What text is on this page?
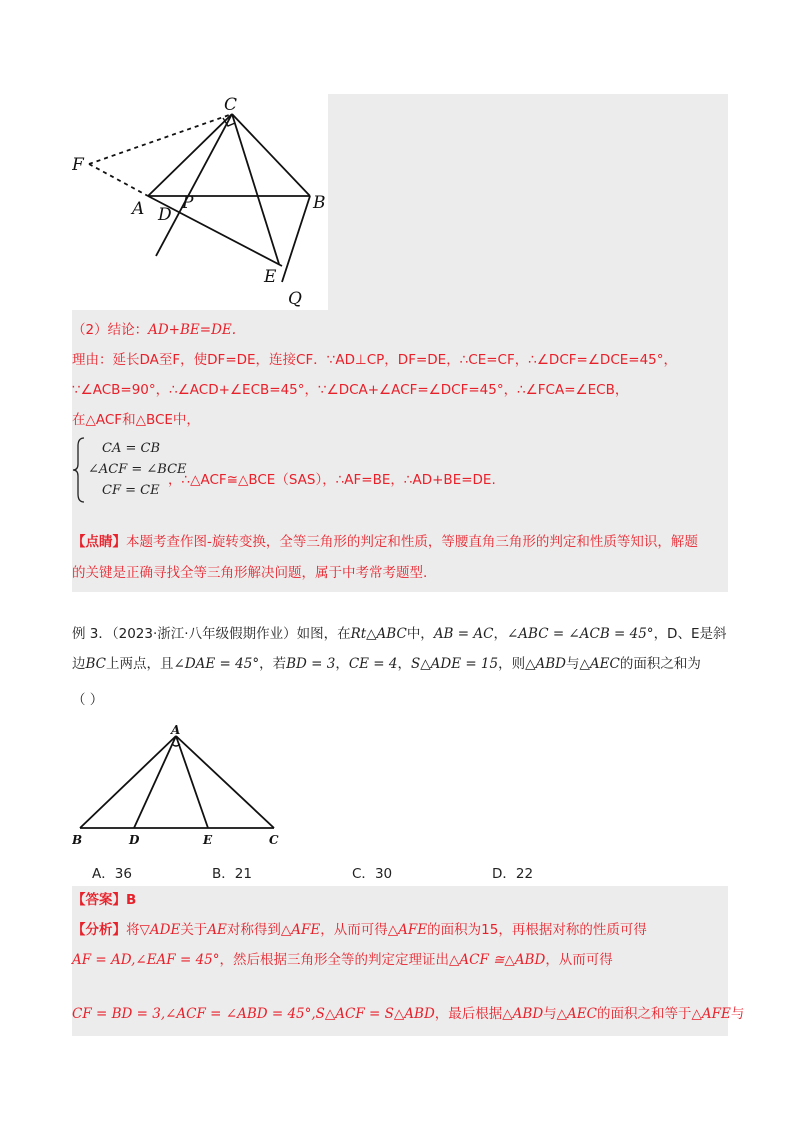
C
F
A D
P	B
E
Q
（2）结论：AD+BE=DE.
理由：延长DA至F，使DF=DE，连接CF．∵AD⊥CP，DF=DE，∴CE=CF，∴∠DCF=∠DCE=45°，
∵∠ACB=90°，∴∠ACD+∠ECB=45°，∵∠DCA+∠ACF=∠DCF=45°，∴∠FCA=∠ECB，
在△ACF和△BCE中，
CA = CB
∠ACF = ∠BCE
CF = CE
，∴△ACF≅△BCE（SAS），∴AF=BE，∴AD+BE=DE.
【点睛】本题考查作图-旋转变换，全等三角形的判定和性质，等腰直角三角形的判定和性质等知识，解题
的关键是正确寻找全等三角形解决问题，属于中考常考题型.
例 3．（2023·浙江·八年级假期作业）如图，在Rt△ABC中，AB = AC，∠ABC = ∠ACB = 45°，D、E是斜
边BC上两点，且∠DAE = 45°，若BD = 3，CE = 4，S△ADE = 15，则△ABD与△AEC的面积之和为
（ ）
A
B	D	E	C
A．36	B．21	C．30	D．22
【答案】B
【分析】将▽ADE关于AE对称得到△AFE，从而可得△AFE的面积为15，再根据对称的性质可得
AF = AD,∠EAF = 45°，然后根据三角形全等的判定定理证出△ACF ≅△ABD，从而可得
CF = BD = 3,∠ACF = ∠ABD = 45°,S△ACF = S△ABD，最后根据△ABD与△AEC的面积之和等于△AFE与
